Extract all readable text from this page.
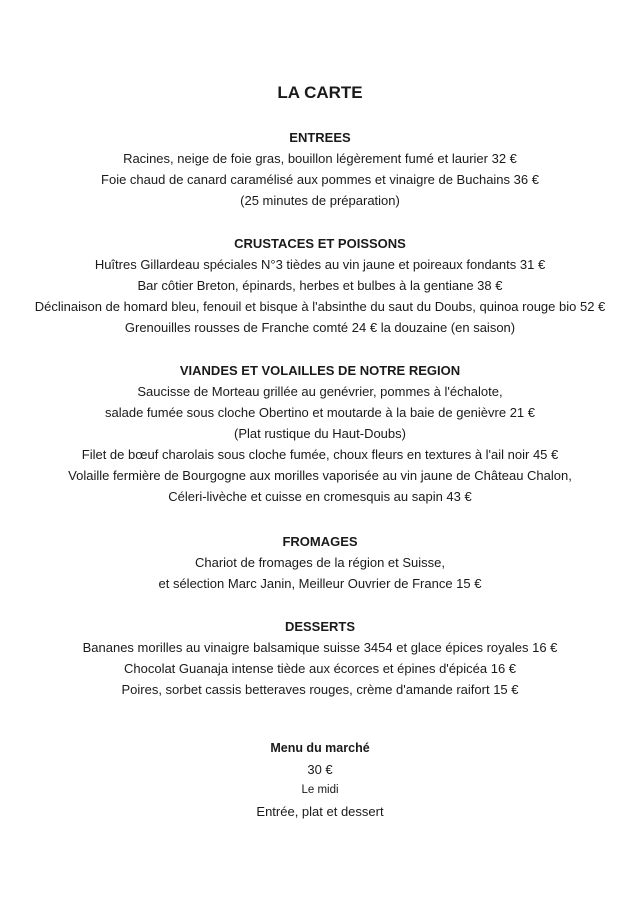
LA CARTE
ENTREES
Racines, neige de foie gras, bouillon légèrement fumé et laurier 32 €
Foie chaud de canard caramélisé aux pommes et vinaigre de Buchains 36 €
(25 minutes de préparation)
CRUSTACES ET POISSONS
Huîtres Gillardeau spéciales N°3 tièdes au vin jaune et poireaux fondants 31 €
Bar côtier Breton, épinards, herbes et bulbes à la gentiane 38 €
Déclinaison de homard bleu, fenouil et bisque à l'absinthe du saut du Doubs, quinoa rouge bio 52 €
Grenouilles rousses de Franche comté 24 € la douzaine (en saison)
VIANDES ET VOLAILLES DE NOTRE REGION
Saucisse de Morteau grillée au genévrier, pommes à l'échalote,
salade fumée sous cloche Obertino et moutarde à la baie de genièvre 21 €
(Plat rustique du Haut-Doubs)
Filet de bœuf charolais sous cloche fumée, choux fleurs en textures à l'ail noir 45 €
Volaille fermière de Bourgogne aux morilles vaporisée au vin jaune de Château Chalon,
Céleri-livèche et cuisse en cromesquis au sapin 43 €
FROMAGES
Chariot de fromages de la région et Suisse,
et sélection Marc Janin, Meilleur Ouvrier de France 15 €
DESSERTS
Bananes morilles au vinaigre balsamique suisse 3454 et glace épices royales 16 €
Chocolat Guanaja intense tiède aux écorces et épines d'épicéa 16 €
Poires, sorbet cassis betteraves rouges, crème d'amande raifort 15 €
Menu du marché
30 €
Le midi
Entrée, plat et dessert
